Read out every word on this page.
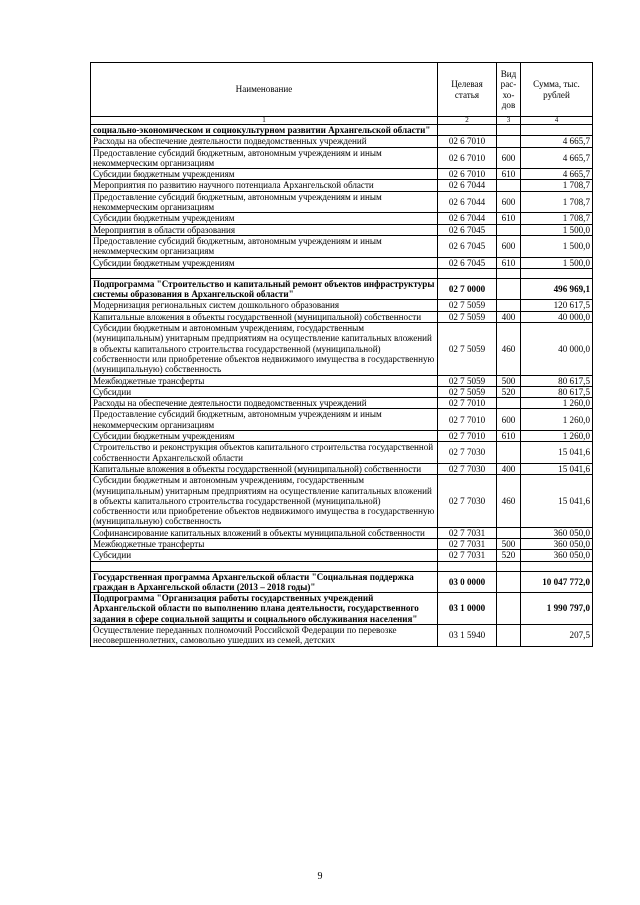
Наименование	Целевая статья	Вид рас-хо-дов	Сумма, тыс. рублей
1	2	3	4
социально-экономическом и социокультурном развитии Архангельской области"			
Расходы на обеспечение деятельности подведомственных учреждений	02 6 7010		4 665,7
Предоставление субсидий бюджетным, автономным учреждениям и иным некоммерческим организациям	02 6 7010	600	4 665,7
Субсидии бюджетным учреждениям	02 6 7010	610	4 665,7
Мероприятия по развитию научного потенциала Архангельской области	02 6 7044		1 708,7
Предоставление субсидий бюджетным, автономным учреждениям и иным некоммерческим организациям	02 6 7044	600	1 708,7
Субсидии бюджетным учреждениям	02 6 7044	610	1 708,7
Мероприятия в области образования	02 6 7045		1 500,0
Предоставление субсидий бюджетным, автономным учреждениям и иным некоммерческим организациям	02 6 7045	600	1 500,0
Субсидии бюджетным учреждениям	02 6 7045	610	1 500,0

Подпрограмма "Строительство и капитальный ремонт объектов инфраструктуры системы образования в Архангельской области"	02 7 0000		496 969,1
Модернизация региональных систем дошкольного образования	02 7 5059		120 617,5
Капитальные вложения в объекты государственной (муниципальной) собственности	02 7 5059	400	40 000,0
Субсидии бюджетным и автономным учреждениям, государственным (муниципальным) унитарным предприятиям на осуществление капитальных вложений в объекты капитального строительства государственной (муниципальной) собственности или приобретение объектов недвижимого имущества в государственную (муниципальную) собственность	02 7 5059	460	40 000,0
Межбюджетные трансферты	02 7 5059	500	80 617,5
Субсидии	02 7 5059	520	80 617,5
Расходы на обеспечение деятельности подведомственных учреждений	02 7 7010		1 260,0
Предоставление субсидий бюджетным, автономным учреждениям и иным некоммерческим организациям	02 7 7010	600	1 260,0
Субсидии бюджетным учреждениям	02 7 7010	610	1 260,0
Строительство и реконструкция объектов капитального строительства государственной собственности Архангельской области	02 7 7030		15 041,6
Капитальные вложения в объекты государственной (муниципальной) собственности	02 7 7030	400	15 041,6
Субсидии бюджетным и автономным учреждениям, государственным (муниципальным) унитарным предприятиям на осуществление капитальных вложений в объекты капитального строительства государственной (муниципальной) собственности или приобретение объектов недвижимого имущества в государственную (муниципальную) собственность	02 7 7030	460	15 041,6
Софинансирование капитальных вложений в объекты муниципальной собственности	02 7 7031		360 050,0
Межбюджетные трансферты	02 7 7031	500	360 050,0
Субсидии	02 7 7031	520	360 050,0

Государственная программа Архангельской области "Социальная поддержка граждан в Архангельской области (2013 – 2018 годы)"	03 0 0000		10 047 772,0
Подпрограмма "Организация работы государственных учреждений Архангельской области по выполнению плана деятельности, государственного задания в сфере социальной защиты и социального обслуживания населения"	03 1 0000		1 990 797,0
Осуществление переданных полномочий Российской Федерации по перевозке несовершеннолетних, самовольно ушедших из семей, детских	03 1 5940		207,5
9
